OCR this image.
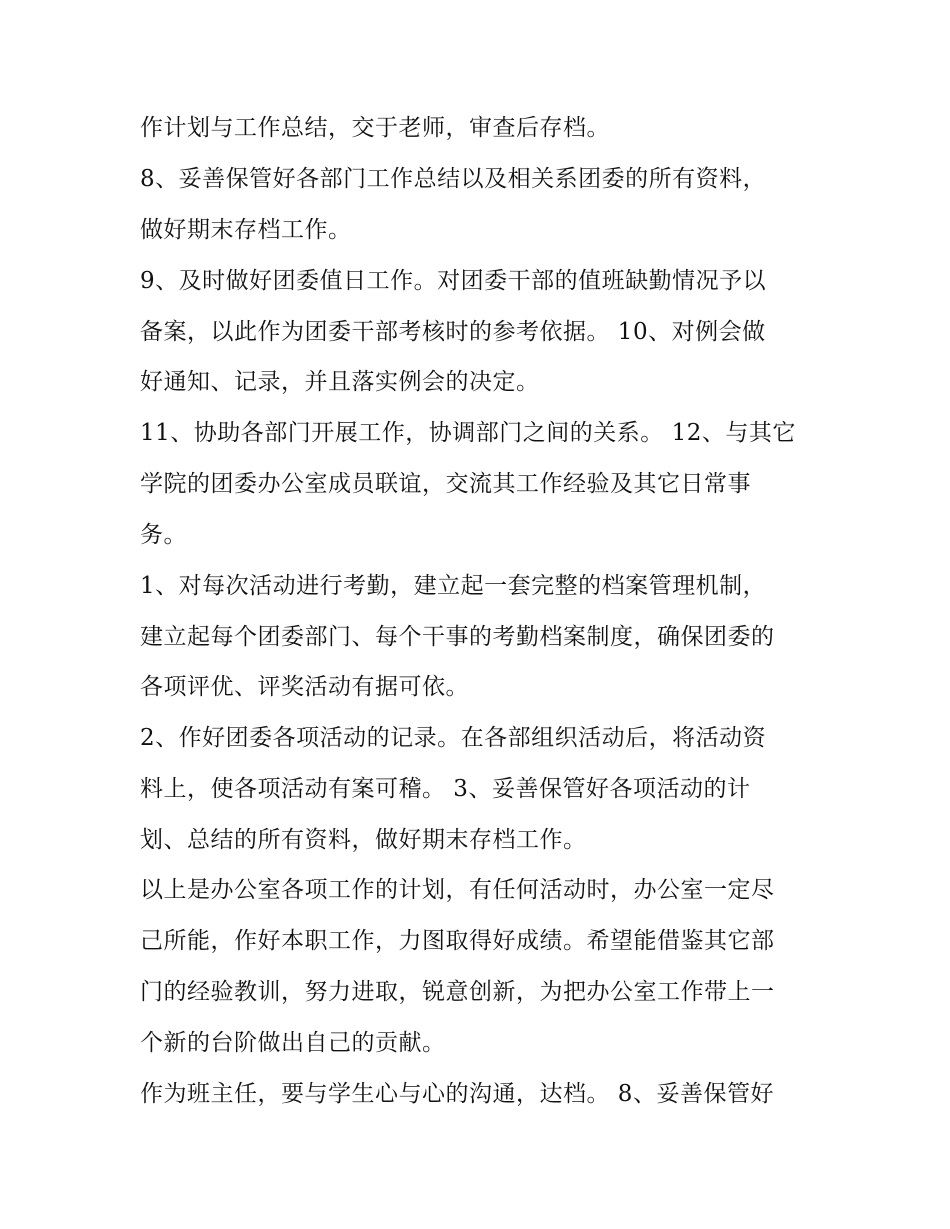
作计划与工作总结，交于老师，审查后存档。
8、妥善保管好各部门工作总结以及相关系团委的所有资料，
做好期末存档工作。
9、及时做好团委值日工作。对团委干部的值班缺勤情况予以
备案，以此作为团委干部考核时的参考依据。 10、对例会做
好通知、记录，并且落实例会的决定。
11、协助各部门开展工作，协调部门之间的关系。 12、与其它
学院的团委办公室成员联谊，交流其工作经验及其它日常事
务。
1、对每次活动进行考勤，建立起一套完整的档案管理机制，
建立起每个团委部门、每个干事的考勤档案制度，确保团委的
各项评优、评奖活动有据可依。
2、作好团委各项活动的记录。在各部组织活动后，将活动资
料上，使各项活动有案可稽。 3、妥善保管好各项活动的计
划、总结的所有资料，做好期末存档工作。
以上是办公室各项工作的计划，有任何活动时，办公室一定尽
己所能，作好本职工作，力图取得好成绩。希望能借鉴其它部
门的经验教训，努力进取，锐意创新，为把办公室工作带上一
个新的台阶做出自己的贡献。
作为班主任，要与学生心与心的沟通，达档。 8、妥善保管好
